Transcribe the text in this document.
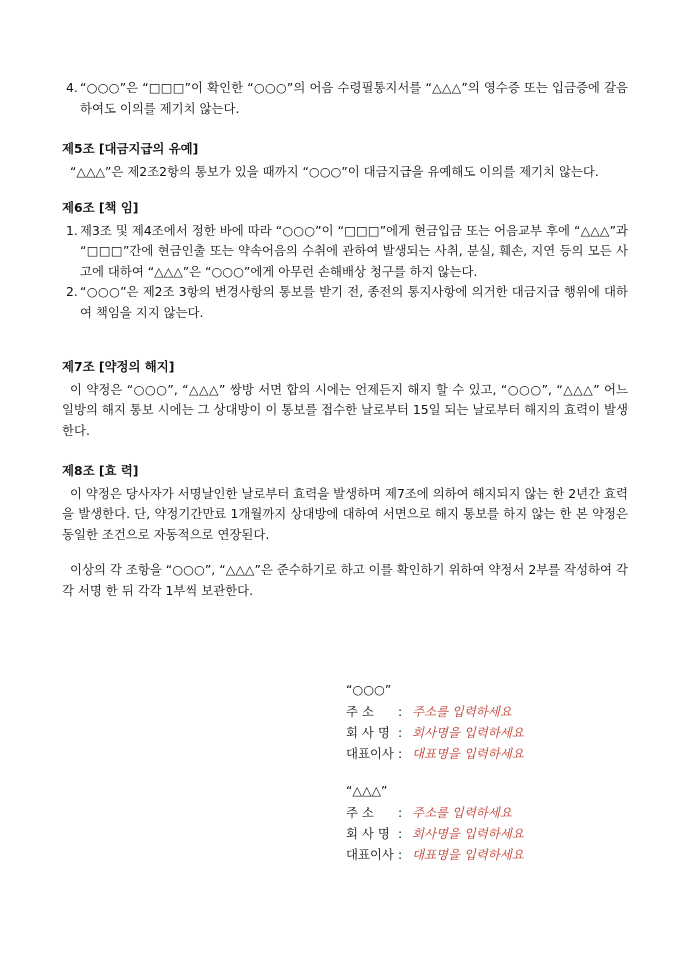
4. “○○○”은 “□□□”이 확인한 “○○○”의 어음 수령필통지서를 “△△△”의 영수증 또는 입금증에 갈음하여도 이의를 제기치 않는다.

제5조 [대금지급의 유예]

“△△△”은 제2조2항의 통보가 있을 때까지 “○○○”이 대금지급을 유예해도 이의를 제기치 않는다.

제6조 [책 임]

1. 제3조 및 제4조에서 정한 바에 따라 “○○○”이 “□□□”에게 현금입금 또는 어음교부 후에 “△△△”과 “□□□”간에 현금인출 또는 약속어음의 수취에 관하여 발생되는 사취, 분실, 훼손, 지연 등의 모든 사고에 대하여 “△△△”은 “○○○”에게 아무런 손해배상 청구를 하지 않는다.

2. “○○○”은 제2조 3항의 변경사항의 통보를 받기 전, 종전의 통지사항에 의거한 대금지급 행위에 대하여 책임을 지지 않는다.

제7조 [약정의 해지]

이 약정은 “○○○”, “△△△” 쌍방 서면 합의 시에는 언제든지 해지 할 수 있고, “○○○”, “△△△” 어느 일방의 해지 통보 시에는 그 상대방이 이 통보를 접수한 날로부터 15일 되는 날로부터 해지의 효력이 발생한다.

제8조 [효 력]

이 약정은 당사자가 서명날인한 날로부터 효력을 발생하며 제7조에 의하여 해지되지 않는 한 2년간 효력을 발생한다. 단, 약정기간만료 1개월까지 상대방에 대하여 서면으로 해지 통보를 하지 않는 한 본 약정은 동일한 조건으로 자동적으로 연장된다.

이상의 각 조항을 “○○○”, “△△△”은 준수하기로 하고 이를 확인하기 위하여 약정서 2부를 작성하여 각각 서명 한 뒤 각각 1부씩 보관한다.

“○○○”
주 소	: 주소를 입력하세요
회 사 명 : 회사명을 입력하세요
대표이사 : 대표명을 입력하세요
“△△△”
주 소	: 주소를 입력하세요
회 사 명 : 회사명을 입력하세요
대표이사 : 대표명을 입력하세요
